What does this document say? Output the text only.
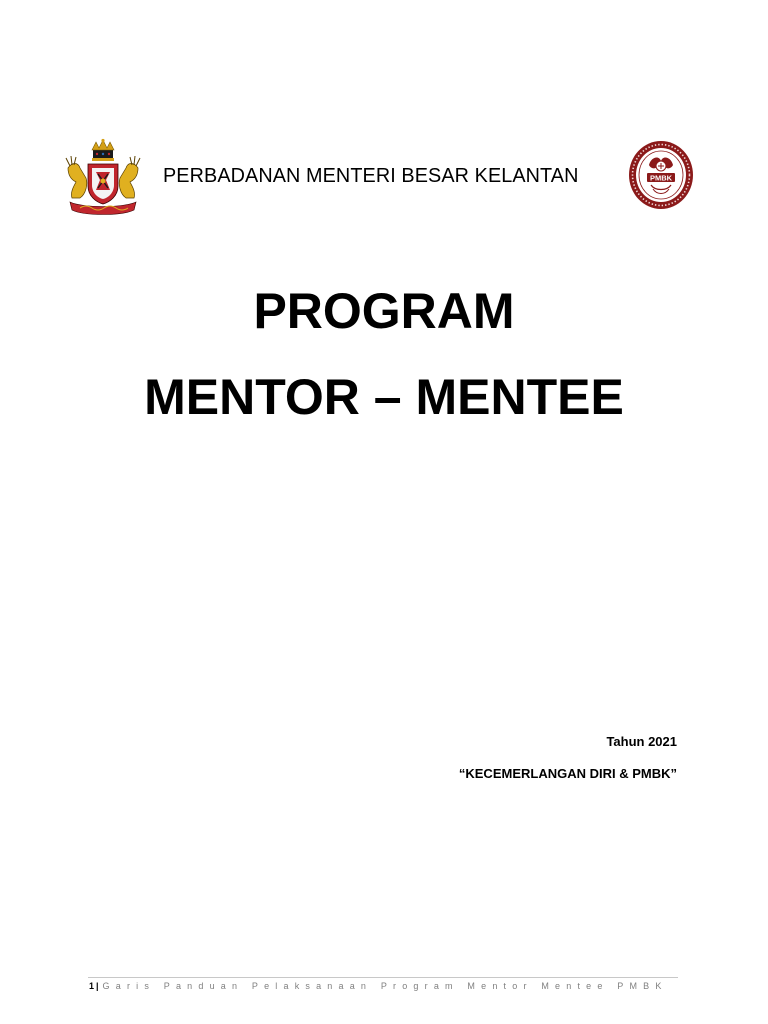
PERBADANAN MENTERI BESAR KELANTAN	PMBK
PROGRAM
MENTOR – MENTEE
Tahun 2021
“KECEMERLANGAN DIRI & PMBK”
1 | Garis Panduan Pelaksanaan Program Mentor Mentee PMBK
